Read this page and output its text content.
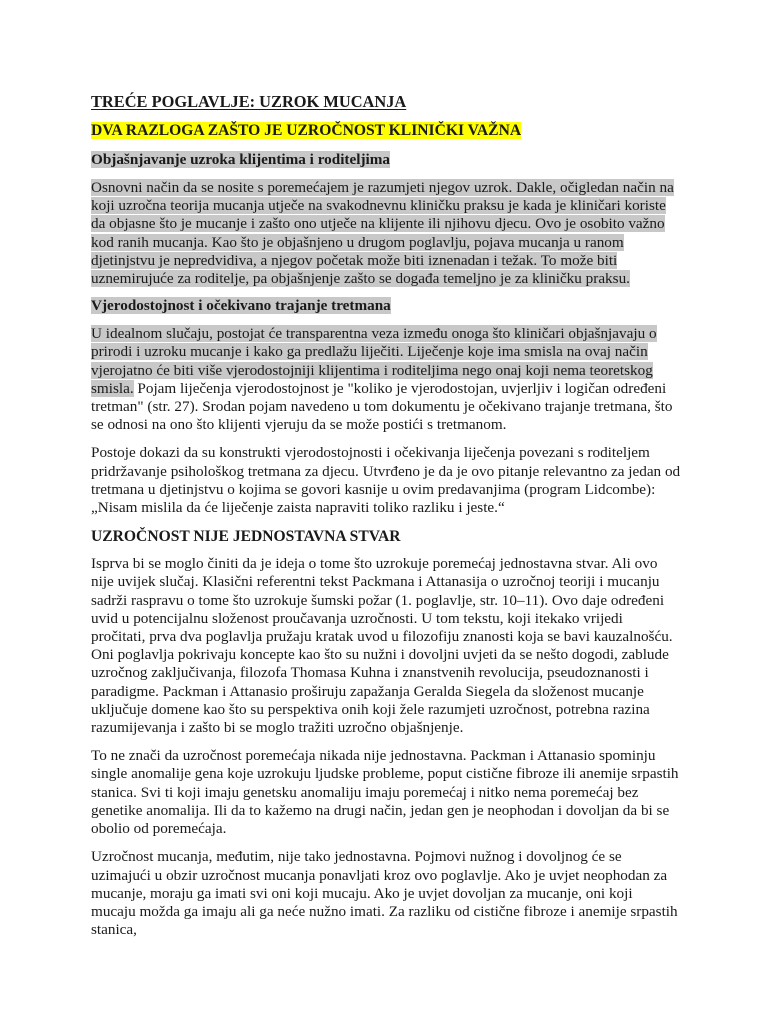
TREĆE POGLAVLJE: UZROK MUCANJA
DVA RAZLOGA ZAŠTO JE UZROČNOST KLINIČKI VAŽNA
Objašnjavanje uzroka klijentima i roditeljima

Osnovni način da se nosite s poremećajem je razumjeti njegov uzrok. Dakle, očigledan način na koji uzročna teorija mucanja utječe na svakodnevnu kliničku praksu je kada je kliničari koriste da objasne što je mucanje i zašto ono utječe na klijente ili njihovu djecu. Ovo je osobito važno kod ranih mucanja. Kao što je objašnjeno u drugom poglavlju, pojava mucanja u ranom djetinjstvu je nepredvidiva, a njegov početak može biti iznenadan i težak. To može biti uznemirujuće za roditelje, pa objašnjenje zašto se događa temeljno je za kliničku praksu.

Vjerodostojnost i očekivano trajanje tretmana

U idealnom slučaju, postojat će transparentna veza između onoga što kliničari objašnjavaju o prirodi i uzroku mucanje i kako ga predlažu liječiti. Liječenje koje ima smisla na ovaj način vjerojatno će biti više vjerodostojniji klijentima i roditeljima nego onaj koji nema teoretskog smisla. Pojam liječenja vjerodostojnost je "koliko je vjerodostojan, uvjerljiv i logičan određeni tretman" (str. 27). Srodan pojam navedeno u tom dokumentu je očekivano trajanje tretmana, što se odnosi na ono što klijenti vjeruju da se može postići s tretmanom.

Postoje dokazi da su konstrukti vjerodostojnosti i očekivanja liječenja povezani s roditeljem pridržavanje psihološkog tretmana za djecu. Utvrđeno je da je ovo pitanje relevantno za jedan od tretmana u djetinjstvu o kojima se govori kasnije u ovim predavanjima (program Lidcombe): „Nisam mislila da će liječenje zaista napraviti toliko razliku i jeste.“

UZROČNOST NIJE JEDNOSTAVNA STVAR

Isprva bi se moglo činiti da je ideja o tome što uzrokuje poremećaj jednostavna stvar. Ali ovo nije uvijek slučaj. Klasični referentni tekst Packmana i Attanasija o uzročnoj teoriji i mucanju sadrži raspravu o tome što uzrokuje šumski požar (1. poglavlje, str. 10–11). Ovo daje određeni uvid u potencijalnu složenost proučavanja uzročnosti. U tom tekstu, koji itekako vrijedi pročitati, prva dva poglavlja pružaju kratak uvod u filozofiju znanosti koja se bavi kauzalnošću. Oni poglavlja pokrivaju koncepte kao što su nužni i dovoljni uvjeti da se nešto dogodi, zablude uzročnog zaključivanja, filozofa Thomasa Kuhna i znanstvenih revolucija, pseudoznanosti i paradigme. Packman i Attanasio proširuju zapažanja Geralda Siegela da složenost mucanje uključuje domene kao što su perspektiva onih koji žele razumjeti uzročnost, potrebna razina razumijevanja i zašto bi se moglo tražiti uzročno objašnjenje.

To ne znači da uzročnost poremećaja nikada nije jednostavna. Packman i Attanasio spominju single anomalije gena koje uzrokuju ljudske probleme, poput cistične fibroze ili anemije srpastih stanica. Svi ti koji imaju genetsku anomaliju imaju poremećaj i nitko nema poremećaj bez genetike anomalija. Ili da to kažemo na drugi način, jedan gen je neophodan i dovoljan da bi se obolio od poremećaja.

Uzročnost mucanja, međutim, nije tako jednostavna. Pojmovi nužnog i dovoljnog će se uzimajući u obzir uzročnost mucanja ponavljati kroz ovo poglavlje. Ako je uvjet neophodan za mucanje, moraju ga imati svi oni koji mucaju. Ako je uvjet dovoljan za mucanje, oni koji mucaju možda ga imaju ali ga neće nužno imati. Za razliku od cistične fibroze i anemije srpastih stanica,
